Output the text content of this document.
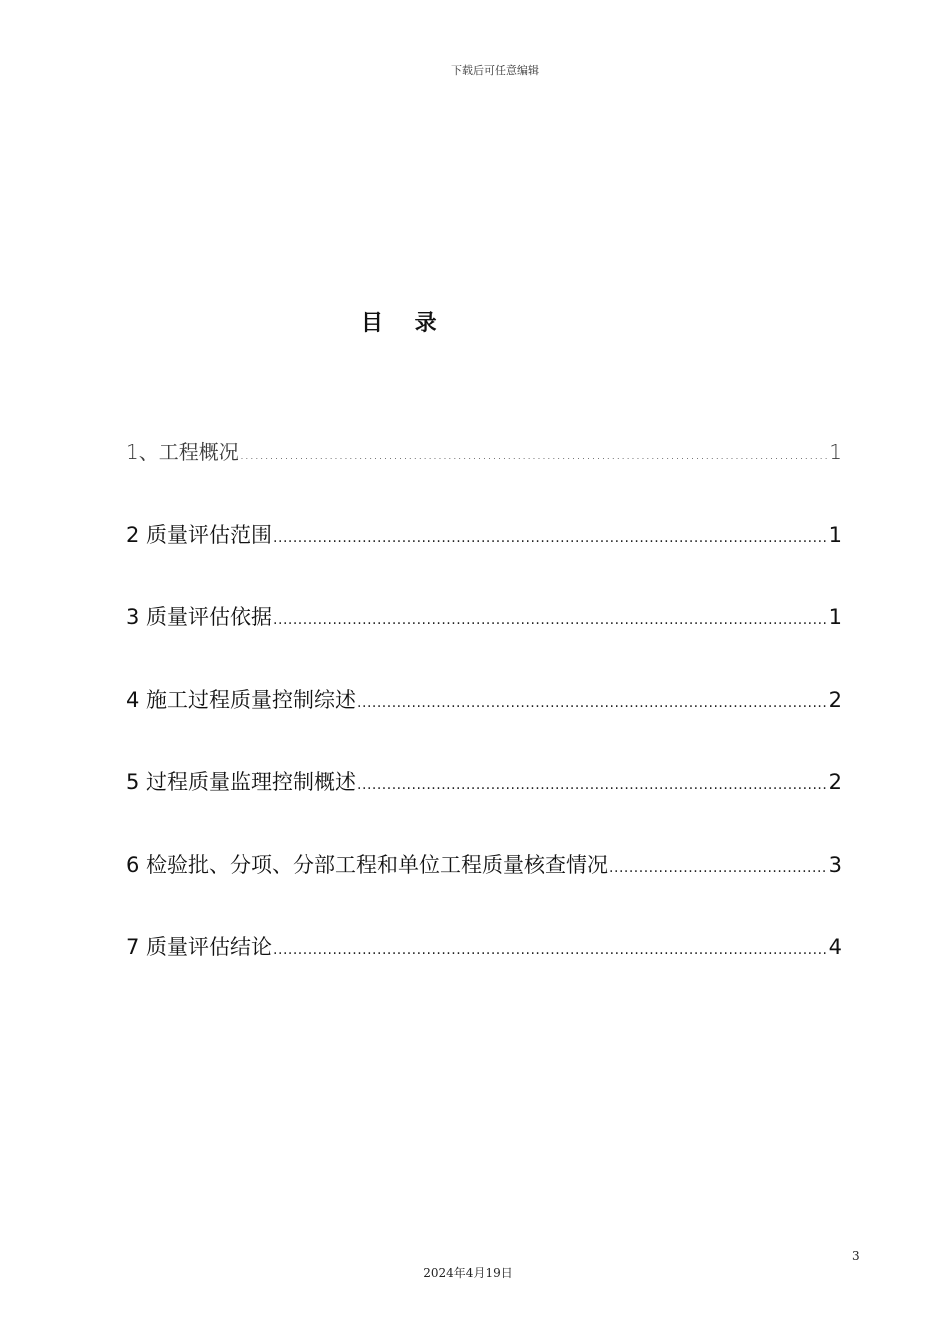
下载后可任意编辑
目 录
1、工程概况 .....	1
2 质量评估范围 .....	1
3 质量评估依据 .....	1
4 施工过程质量控制综述 .....	2
5 过程质量监理控制概述 .....	2
6 检验批、分项、分部工程和单位工程质量核查情况 .....	3
7 质量评估结论 .....	4
3
2024年4月19日
